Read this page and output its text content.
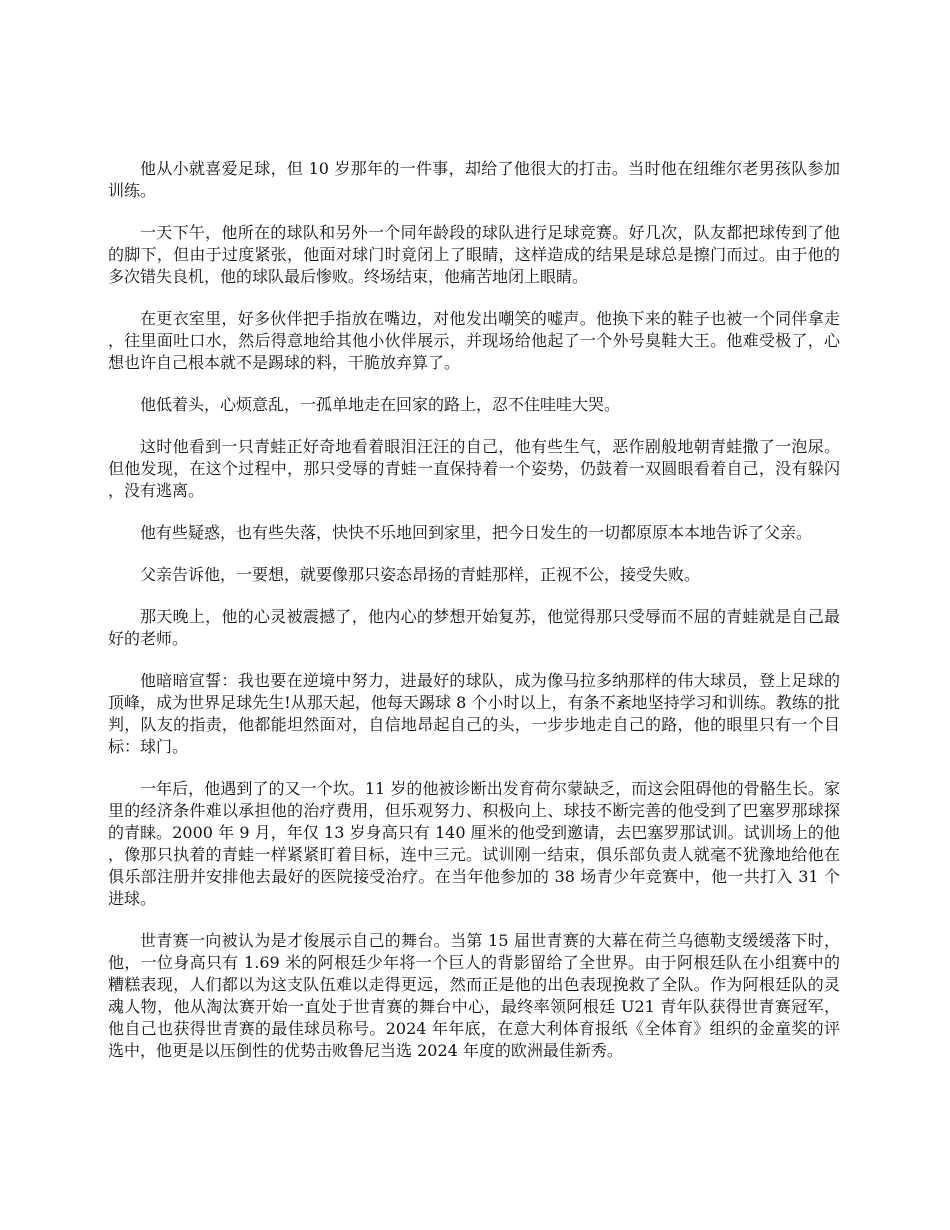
他从小就喜爱足球，但 10 岁那年的一件事，却给了他很大的打击。当时他在纽维尔老男孩队参加训练。

一天下午，他所在的球队和另外一个同年龄段的球队进行足球竞赛。好几次，队友都把球传到了他的脚下，但由于过度紧张，他面对球门时竟闭上了眼睛，这样造成的结果是球总是擦门而过。由于他的多次错失良机，他的球队最后惨败。终场结束，他痛苦地闭上眼睛。

在更衣室里，好多伙伴把手指放在嘴边，对他发出嘲笑的嘘声。他换下来的鞋子也被一个同伴拿走，往里面吐口水，然后得意地给其他小伙伴展示，并现场给他起了一个外号臭鞋大王。他难受极了，心想也许自己根本就不是踢球的料，干脆放弃算了。

他低着头，心烦意乱，一孤单地走在回家的路上，忍不住哇哇大哭。

这时他看到一只青蛙正好奇地看着眼泪汪汪的自己，他有些生气，恶作剧般地朝青蛙撒了一泡尿。但他发现，在这个过程中，那只受辱的青蛙一直保持着一个姿势，仍鼓着一双圆眼看着自己，没有躲闪，没有逃离。

他有些疑惑，也有些失落，快快不乐地回到家里，把今日发生的一切都原原本本地告诉了父亲。

父亲告诉他，一要想，就要像那只姿态昂扬的青蛙那样，正视不公，接受失败。

那天晚上，他的心灵被震撼了，他内心的梦想开始复苏，他觉得那只受辱而不屈的青蛙就是自己最好的老师。

他暗暗宣誓：我也要在逆境中努力，进最好的球队，成为像马拉多纳那样的伟大球员，登上足球的顶峰，成为世界足球先生!从那天起，他每天踢球 8 个小时以上，有条不紊地坚持学习和训练。教练的批判，队友的指责，他都能坦然面对，自信地昂起自己的头，一步步地走自己的路，他的眼里只有一个目标：球门。

一年后，他遇到了的又一个坎。11 岁的他被诊断出发育荷尔蒙缺乏，而这会阻碍他的骨骼生长。家里的经济条件难以承担他的治疗费用，但乐观努力、积极向上、球技不断完善的他受到了巴塞罗那球探的青睐。2000 年 9 月，年仅 13 岁身高只有 140 厘米的他受到邀请，去巴塞罗那试训。试训场上的他，像那只执着的青蛙一样紧紧盯着目标，连中三元。试训刚一结束，俱乐部负责人就毫不犹豫地给他在俱乐部注册并安排他去最好的医院接受治疗。在当年他参加的 38 场青少年竞赛中，他一共打入 31 个进球。

世青赛一向被认为是才俊展示自己的舞台。当第 15 届世青赛的大幕在荷兰乌德勒支缓缓落下时，他，一位身高只有 1.69 米的阿根廷少年将一个巨人的背影留给了全世界。由于阿根廷队在小组赛中的糟糕表现，人们都以为这支队伍难以走得更远，然而正是他的出色表现挽救了全队。作为阿根廷队的灵魂人物，他从淘汰赛开始一直处于世青赛的舞台中心，最终率领阿根廷 U21 青年队获得世青赛冠军，他自己也获得世青赛的最佳球员称号。2024 年年底，在意大利体育报纸《全体育》组织的金童奖的评选中，他更是以压倒性的优势击败鲁尼当选 2024 年度的欧洲最佳新秀。
